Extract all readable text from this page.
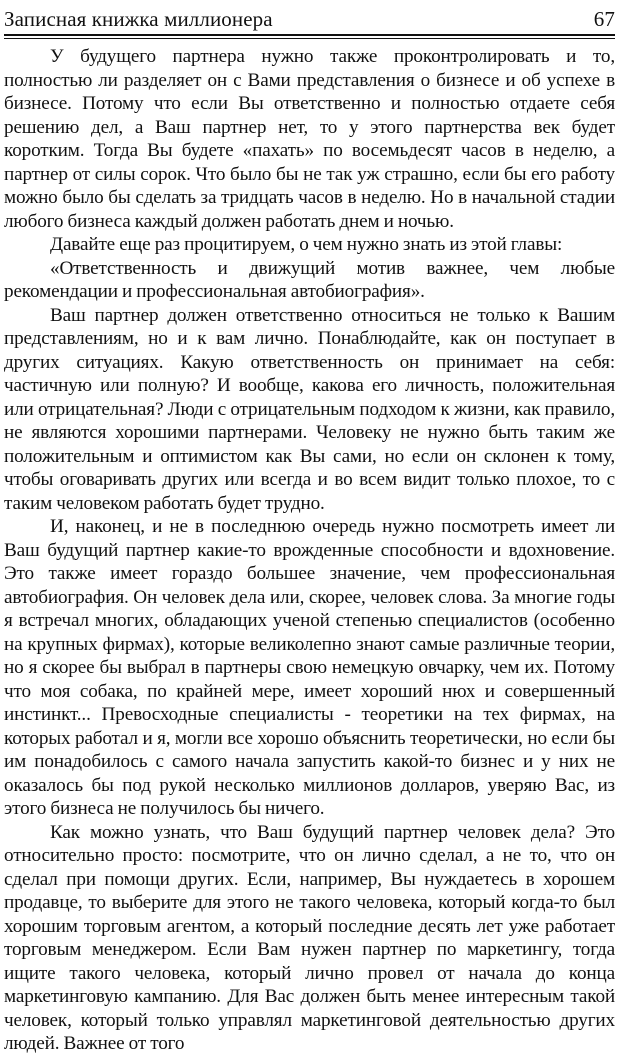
Записная книжка миллионера	67

У будущего партнера нужно также проконтролировать и то, полностью ли разделяет он с Вами представления о бизнесе и об успехе в бизнесе. Потому что если Вы ответственно и полностью отдаете себя решению дел, а Ваш партнер нет, то у этого партнерства век будет коротким. Тогда Вы будете «пахать» по восемьдесят часов в неделю, а партнер от силы сорок. Что было бы не так уж страшно, если бы его работу можно было бы сделать за тридцать часов в неделю. Но в начальной стадии любого бизнеса каждый должен работать днем и ночью.

Давайте еще раз процитируем, о чем нужно знать из этой главы:

«Ответственность и движущий мотив важнее, чем любые рекомендации и профессиональная автобиография».

Ваш партнер должен ответственно относиться не только к Вашим представлениям, но и к вам лично. Понаблюдайте, как он поступает в других ситуациях. Какую ответственность он принимает на себя: частичную или полную? И вообще, какова его личность, положительная или отрицательная? Люди с отрицательным подходом к жизни, как правило, не являются хорошими партнерами. Человеку не нужно быть таким же положительным и оптимистом как Вы сами, но если он склонен к тому, чтобы оговаривать других или всегда и во всем видит только плохое, то с таким человеком работать будет трудно.

И, наконец, и не в последнюю очередь нужно посмотреть имеет ли Ваш будущий партнер какие-то врожденные способности и вдохновение. Это также имеет гораздо большее значение, чем профессиональная автобиография. Он человек дела или, скорее, человек слова. За многие годы я встречал многих, обладающих ученой степенью специалистов (особенно на крупных фирмах), которые великолепно знают самые различные теории, но я скорее бы выбрал в партнеры свою немецкую овчарку, чем их. Потому что моя собака, по крайней мере, имеет хороший нюх и совершенный инстинкт... Превосходные специалисты - теоретики на тех фирмах, на которых работал и я, могли все хорошо объяснить теоретически, но если бы им понадобилось с самого начала запустить какой-то бизнес и у них не оказалось бы под рукой несколько миллионов долларов, уверяю Вас, из этого бизнеса не получилось бы ничего.

Как можно узнать, что Ваш будущий партнер человек дела? Это относительно просто: посмотрите, что он лично сделал, а не то, что он сделал при помощи других. Если, например, Вы нуждаетесь в хорошем продавце, то выберите для этого не такого человека, который когда-то был хорошим торговым агентом, а который последние десять лет уже работает торговым менеджером. Если Вам нужен партнер по маркетингу, тогда ищите такого человека, который лично провел от начала до конца маркетинговую кампанию. Для Вас должен быть менее интересным такой человек, который только управлял маркетинговой деятельностью других людей. Важнее от того
